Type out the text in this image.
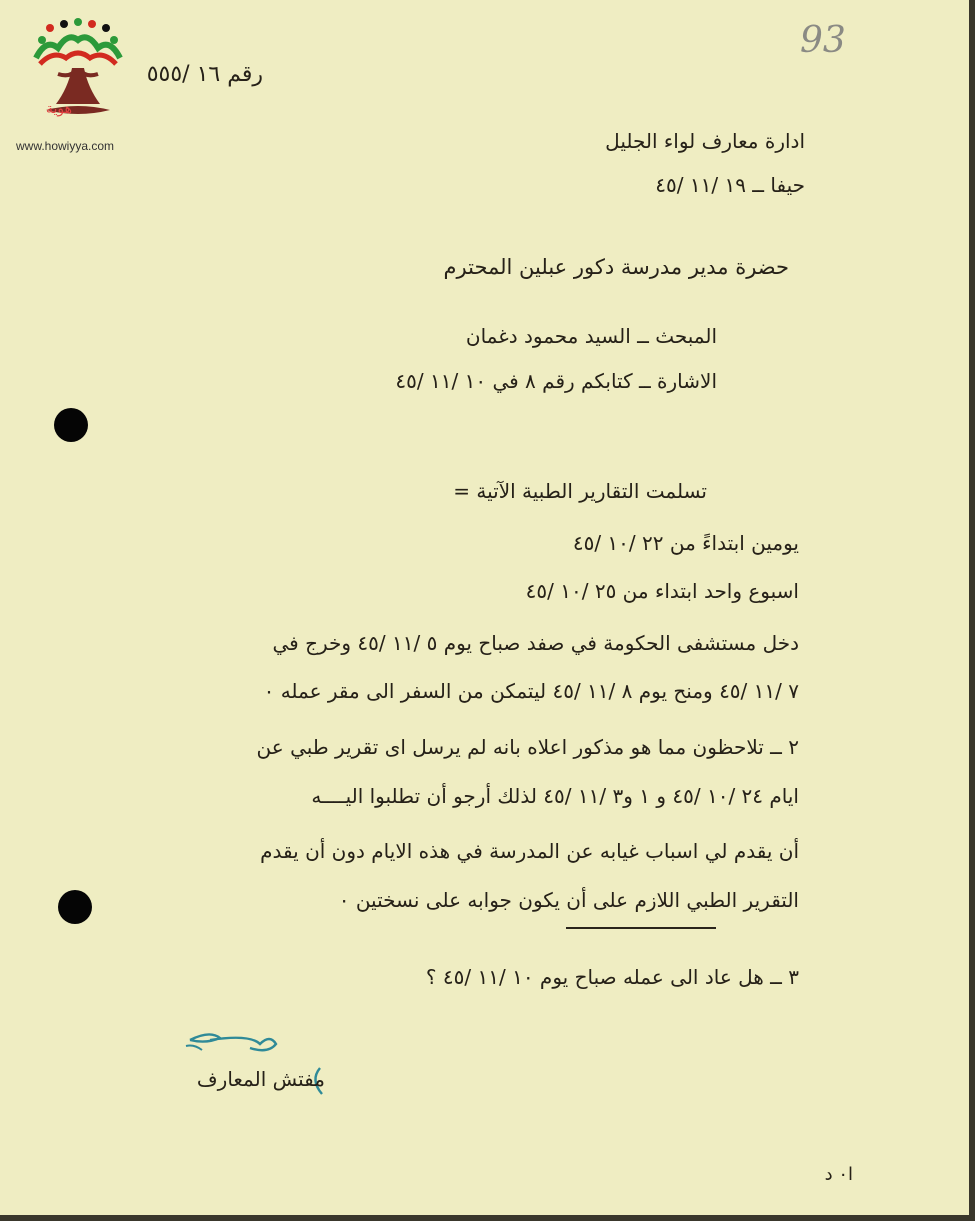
هوية
www.howiyya.com
93
رقم ١٦ /٥٥٥
ادارة معارف لواء الجليل
حيفا ــ ١٩ /١١ /٤٥
حضرة مدير مدرسة دكور عبلين المحترم
المبحث ــ السيد محمود دغمان
الاشارة ــ كتابكم رقم ٨ في ١٠ /١١ /٤٥
تسلمت التقارير الطبية الآتية =
يومين ابتداءً من ٢٢ /١٠ /٤٥
اسبوع واحد ابتداء من ٢٥ /١٠ /٤٥
دخل مستشفى الحكومة في صفد صباح يوم ٥ /١١ /٤٥ وخرج في
٧ /١١ /٤٥ ومنح يوم ٨ /١١ /٤٥ ليتمكن من السفر الى مقر عمله ٠
٢ ــ تلاحظون مما هو مذكور اعلاه بانه لم يرسل اى تقرير طبي عن
ايام ٢٤ /١٠ /٤٥ و ١ و٣ /١١ /٤٥ لذلك أرجو أن تطلبوا اليــــه
أن يقدم لي اسباب غيابه عن المدرسة في هذه الايام دون أن يقدم
التقرير الطبي اللازم على أن يكون جوابه على نسختين ٠
٣ ــ هل عاد الى عمله صباح يوم ١٠ /١١ /٤٥ ؟
مفتش المعارف
ا٠ د
